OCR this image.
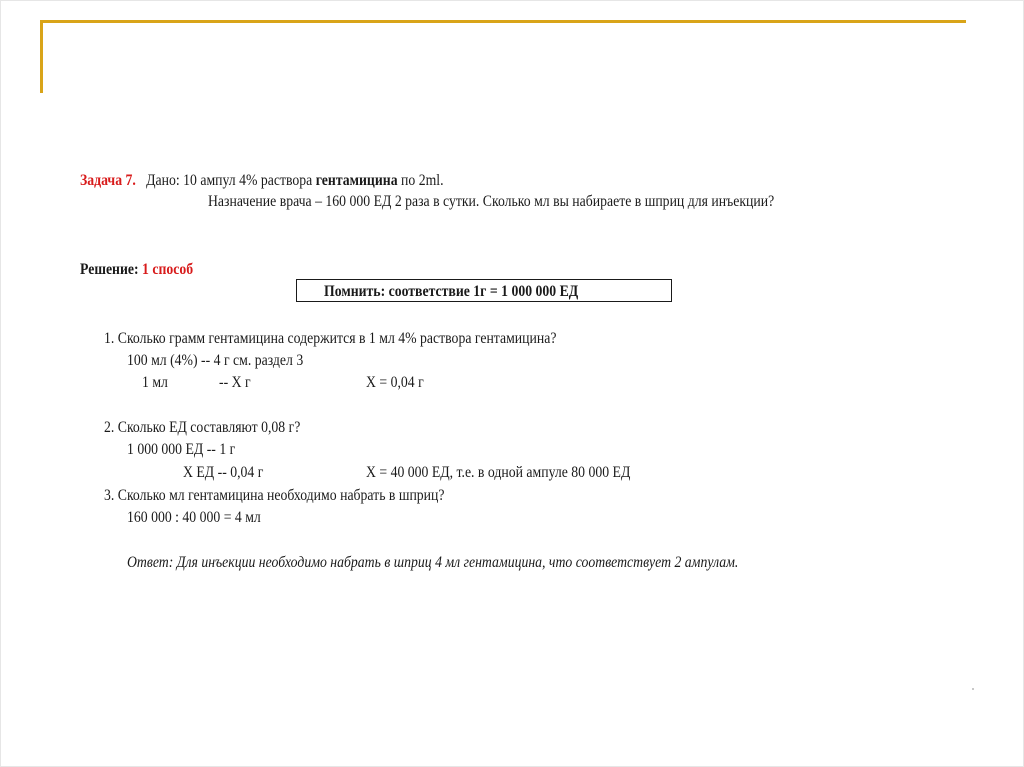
Задача 7. Дано: 10 ампул 4% раствора гентамицина по 2ml.
Назначение врача – 160 000 ЕД 2 раза в сутки. Сколько мл вы набираете в шприц для инъекции?
Решение: 1 способ
Помнить: соответствие 1г = 1 000 000 ЕД
1. Сколько грамм гентамицина содержится в 1 мл 4% раствора гентамицина?
100 мл (4%) -- 4 г см. раздел 3
1 мл	-- Х г	Х = 0,04 г
2. Сколько ЕД составляют 0,08 г?
1 000 000 ЕД -- 1 г
Х ЕД -- 0,04 г	Х = 40 000 ЕД, т.е. в одной ампуле 80 000 ЕД
3. Сколько мл гентамицина необходимо набрать в шприц?
160 000 : 40 000 = 4 мл
Ответ: Для инъекции необходимо набрать в шприц 4 мл гентамицина, что соответствует 2 ампулам.
